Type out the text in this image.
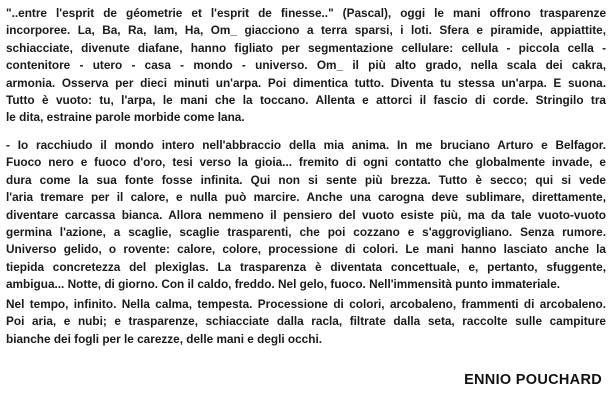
"..entre l'esprit de géometrie et l'esprit de finesse.." (Pascal), oggi le mani offrono trasparenze
incorporee. La, Ba, Ra, Iam, Ha, Om_ giacciono a terra sparsi, i loti. Sfera e piramide, appiattite,
schiacciate, divenute diafane, hanno figliato per segmentazione cellulare: cellula - piccola cella -
contenitore - utero - casa - mondo - universo. Om_ il più alto grado, nella scala dei cakra,
armonia. Osserva per dieci minuti un'arpa. Poi dimentica tutto. Diventa tu stessa un'arpa. E suona.
Tutto è vuoto: tu, l'arpa, le mani che la toccano. Allenta e attorci il fascio di corde. Stringilo tra
le dita, estraine parole morbide come lana.
- Io racchiudo il mondo intero nell'abbraccio della mia anima. In me bruciano Arturo e Belfagor.
Fuoco nero e fuoco d'oro, tesi verso la gioia... fremito di ogni contatto che globalmente invade, e
dura come la sua fonte fosse infinita. Qui non si sente più brezza. Tutto è secco; qui si vede
l'aria tremare per il calore, e nulla può marcire. Anche una carogna deve sublimare, direttamente,
diventare carcassa bianca. Allora nemmeno il pensiero del vuoto esiste più, ma da tale vuoto-vuoto
germina l'azione, a scaglie, scaglie trasparenti, che poi cozzano e s'aggrovigliano. Senza rumore.
Universo gelido, o rovente: calore, colore, processione di colori. Le mani hanno lasciato anche la
tiepida concretezza del plexiglas. La trasparenza è diventata concettuale, e, pertanto, sfuggente,
ambigua... Notte, di giorno. Con il caldo, freddo. Nel gelo, fuoco. Nell'immensità punto immateriale.
Nel tempo, infinito. Nella calma, tempesta. Processione di colori, arcobaleno, frammenti di arcobaleno.
Poi aria, e nubi; e trasparenze, schiacciate dalla racla, filtrate dalla seta, raccolte sulle campiture
bianche dei fogli per le carezze, delle mani e degli occhi.
ENNIO POUCHARD
